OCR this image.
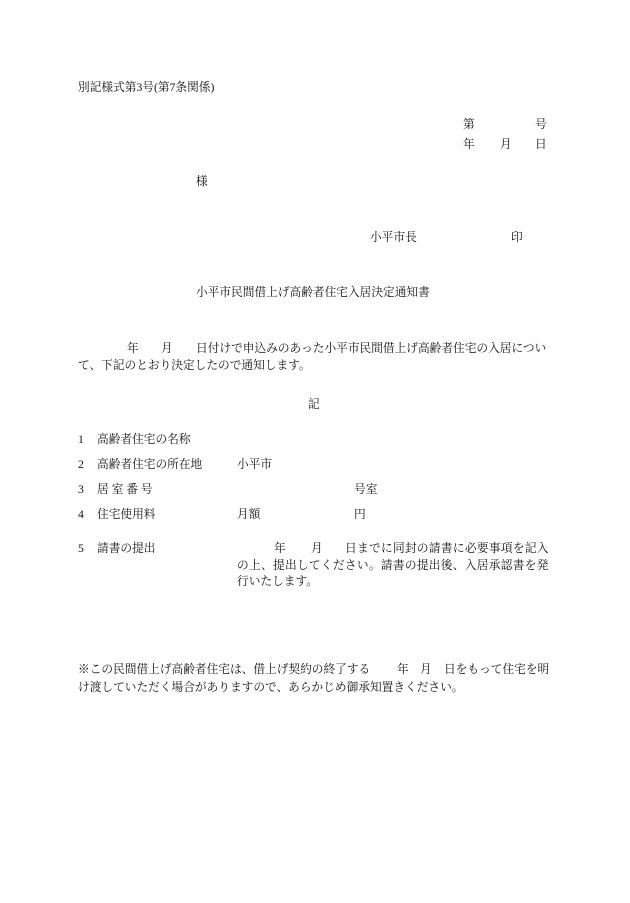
別記様式第3号(第7条関係)
第	号
年 月 日
様
小平市長	印
小平市民間借上げ高齢者住宅入居決定通知書
年 月 日付けで申込みのあった小平市民間借上げ高齢者住宅の入居につい
て、下記のとおり決定したので通知します。
記
1 高齢者住宅の名称
2 高齢者住宅の所在地	小平市
3 居 室 番 号	号室
4 住宅使用料	月額	円
5 請書の提出	年 月 日までに同封の請書に必要事項を記入
の上、提出してください。請書の提出後、入居承認書を発
行いたします。
※この民間借上げ高齢者住宅は、借上げ契約の終了する 年 月 日をもって住宅を明
け渡していただく場合がありますので、あらかじめ御承知置きください。
